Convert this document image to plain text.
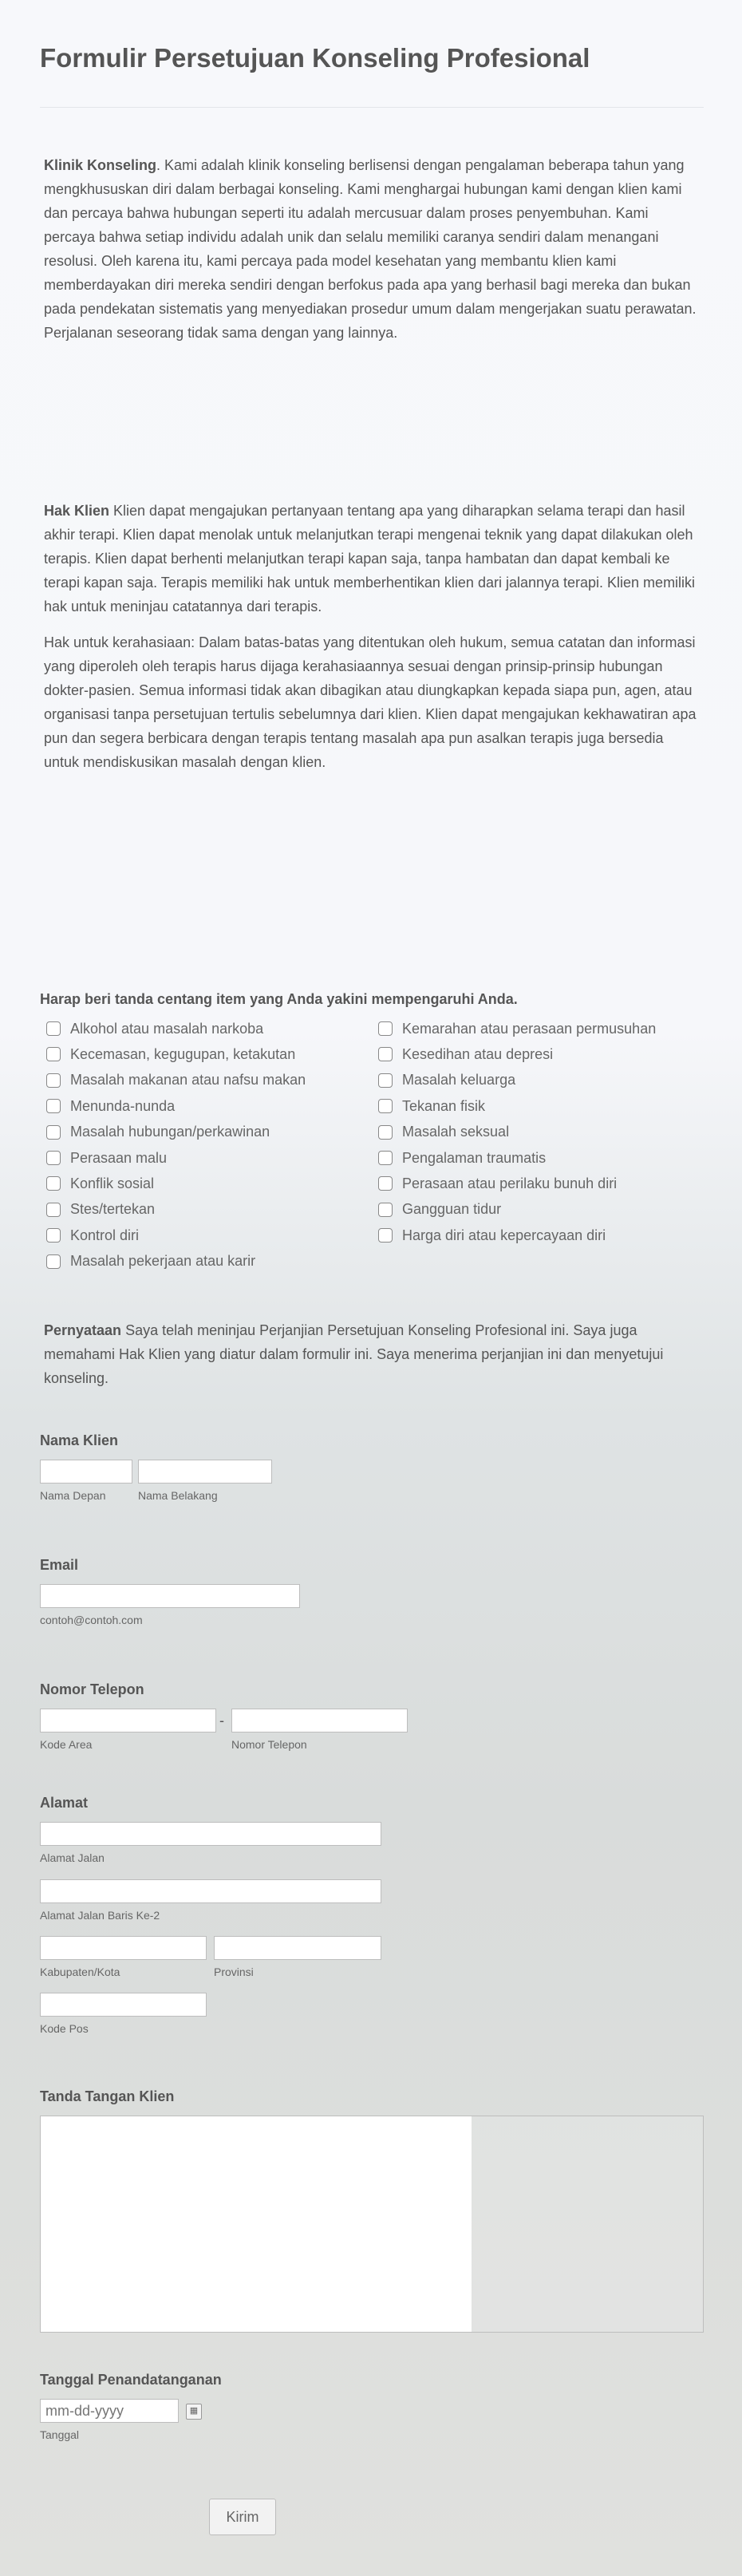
Formulir Persetujuan Konseling Profesional

Klinik Konseling. Kami adalah klinik konseling berlisensi dengan pengalaman beberapa tahun yang mengkhususkan diri dalam berbagai konseling. Kami menghargai hubungan kami dengan klien kami dan percaya bahwa hubungan seperti itu adalah mercusuar dalam proses penyembuhan. Kami percaya bahwa setiap individu adalah unik dan selalu memiliki caranya sendiri dalam menangani resolusi. Oleh karena itu, kami percaya pada model kesehatan yang membantu klien kami memberdayakan diri mereka sendiri dengan berfokus pada apa yang berhasil bagi mereka dan bukan pada pendekatan sistematis yang menyediakan prosedur umum dalam mengerjakan suatu perawatan. Perjalanan seseorang tidak sama dengan yang lainnya.

Hak Klien Klien dapat mengajukan pertanyaan tentang apa yang diharapkan selama terapi dan hasil akhir terapi. Klien dapat menolak untuk melanjutkan terapi mengenai teknik yang dapat dilakukan oleh terapis. Klien dapat berhenti melanjutkan terapi kapan saja, tanpa hambatan dan dapat kembali ke terapi kapan saja. Terapis memiliki hak untuk memberhentikan klien dari jalannya terapi. Klien memiliki hak untuk meninjau catatannya dari terapis.

Hak untuk kerahasiaan: Dalam batas-batas yang ditentukan oleh hukum, semua catatan dan informasi yang diperoleh oleh terapis harus dijaga kerahasiaannya sesuai dengan prinsip-prinsip hubungan dokter-pasien. Semua informasi tidak akan dibagikan atau diungkapkan kepada siapa pun, agen, atau organisasi tanpa persetujuan tertulis sebelumnya dari klien. Klien dapat mengajukan kekhawatiran apa pun dan segera berbicara dengan terapis tentang masalah apa pun asalkan terapis juga bersedia untuk mendiskusikan masalah dengan klien.

Harap beri tanda centang item yang Anda yakini mempengaruhi Anda.
Alkohol atau masalah narkoba
Kecemasan, kegugupan, ketakutan
Masalah makanan atau nafsu makan
Menunda-nunda
Masalah hubungan/perkawinan
Perasaan malu
Konflik sosial
Stes/tertekan
Kontrol diri
Masalah pekerjaan atau karir
Kemarahan atau perasaan permusuhan
Kesedihan atau depresi
Masalah keluarga
Tekanan fisik
Masalah seksual
Pengalaman traumatis
Perasaan atau perilaku bunuh diri
Gangguan tidur
Harga diri atau kepercayaan diri

Pernyataan Saya telah meninjau Perjanjian Persetujuan Konseling Profesional ini. Saya juga memahami Hak Klien yang diatur dalam formulir ini. Saya menerima perjanjian ini dan menyetujui konseling.

Nama Klien
Nama Depan	Nama Belakang
Email
contoh@contoh.com
Nomor Telepon
-
Kode Area	Nomor Telepon
Alamat
Alamat Jalan
Alamat Jalan Baris Ke-2
Kabupaten/Kota	Provinsi
Kode Pos
Tanda Tangan Klien
Tanggal Penandatanganan
mm-dd-yyyy
▦
Tanggal
Kirim
